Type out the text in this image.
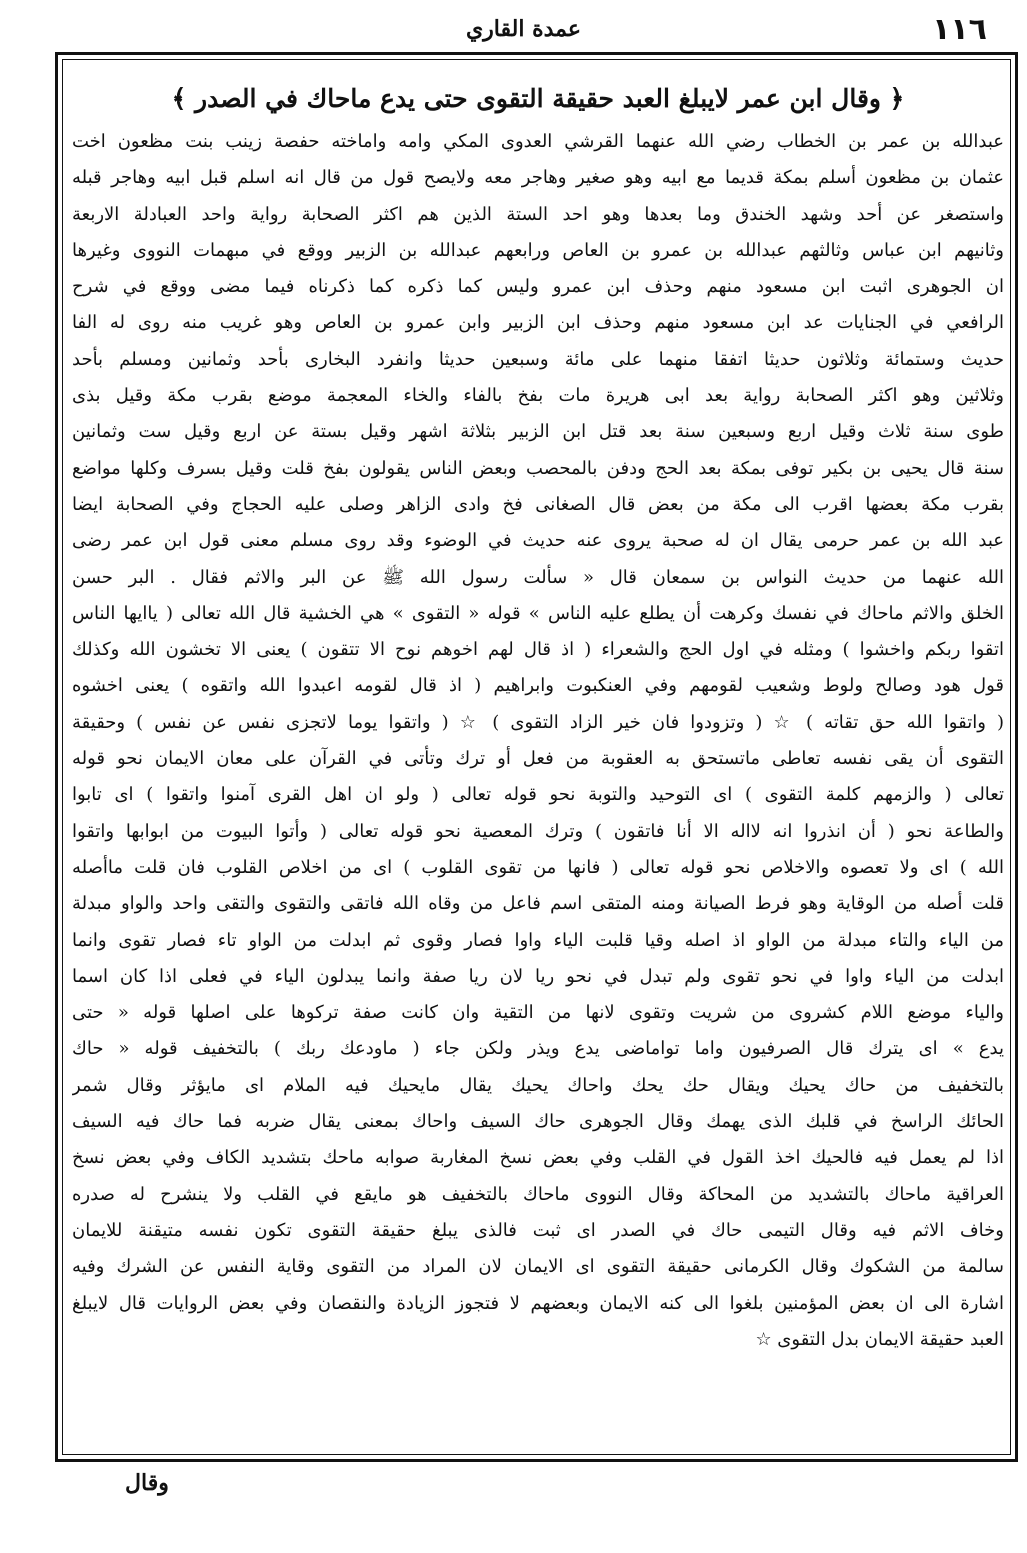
١١٦
عمدة القاري
﴿ وقال ابن عمر لايبلغ العبد حقيقة التقوى حتى يدع ماحاك في الصدر ﴾
عبدالله بن عمر بن الخطاب رضي الله عنهما القرشي العدوى المكي وامه واماخته حفصة زينب بنت مظعون اخت
عثمان بن مظعون أسلم بمكة قديما مع ابيه وهو صغير وهاجر معه ولايصح قول من قال انه اسلم قبل ابيه وهاجر قبله
واستصغر عن أحد وشهد الخندق وما بعدها وهو احد الستة الذين هم اكثر الصحابة رواية واحد العبادلة الاربعة
وثانيهم ابن عباس وثالثهم عبدالله بن عمرو بن العاص ورابعهم عبدالله بن الزبير ووقع في مبهمات النووى وغيرها
ان الجوهرى اثبت ابن مسعود منهم وحذف ابن عمرو وليس كما ذكره كما ذكرناه فيما مضى ووقع في شرح
الرافعي في الجنايات عد ابن مسعود منهم وحذف ابن الزبير وابن عمرو بن العاص وهو غريب منه روى له الفا
حديث وستمائة وثلاثون حديثا اتفقا منهما على مائة وسبعين حديثا وانفرد البخارى بأحد وثمانين ومسلم بأحد
وثلاثين وهو اكثر الصحابة رواية بعد ابى هريرة مات بفخ بالفاء والخاء المعجمة موضع بقرب مكة وقيل بذى
طوى سنة ثلاث وقيل اربع وسبعين سنة بعد قتل ابن الزبير بثلاثة اشهر وقيل بستة عن اربع وقيل ست وثمانين
سنة قال يحيى بن بكير توفى بمكة بعد الحج ودفن بالمحصب وبعض الناس يقولون بفخ قلت وقيل بسرف وكلها مواضع
بقرب مكة بعضها اقرب الى مكة من بعض قال الصغانى فخ وادى الزاهر وصلى عليه الحجاج وفي الصحابة ايضا
عبد الله بن عمر حرمى يقال ان له صحبة يروى عنه حديث في الوضوء وقد روى مسلم معنى قول ابن عمر رضى
الله عنهما من حديث النواس بن سمعان قال « سألت رسول الله ﷺ عن البر والاثم فقال . البر حسن
الخلق والاثم ماحاك في نفسك وكرهت أن يطلع عليه الناس » قوله « التقوى » هي الخشية قال الله تعالى ( ياايها الناس
اتقوا ربكم واخشوا ) ومثله في اول الحج والشعراء ( اذ قال لهم اخوهم نوح الا تتقون ) يعنى الا تخشون الله وكذلك
قول هود وصالح ولوط وشعيب لقومهم وفي العنكبوت وابراهيم ( اذ قال لقومه اعبدوا الله واتقوه ) يعنى اخشوه
( واتقوا الله حق تقاته ) ☆ ( وتزودوا فان خير الزاد التقوى ) ☆ ( واتقوا يوما لاتجزى نفس عن نفس ) وحقيقة
التقوى أن يقى نفسه تعاطى ماتستحق به العقوبة من فعل أو ترك وتأتى في القرآن على معان الايمان نحو قوله
تعالى ( والزمهم كلمة التقوى ) اى التوحيد والتوبة نحو قوله تعالى ( ولو ان اهل القرى آمنوا واتقوا ) اى تابوا
والطاعة نحو ( أن انذروا انه لااله الا أنا فاتقون ) وترك المعصية نحو قوله تعالى ( وأتوا البيوت من ابوابها واتقوا
الله ) اى ولا تعصوه والاخلاص نحو قوله تعالى ( فانها من تقوى القلوب ) اى من اخلاص القلوب فان قلت ماأصله
قلت أصله من الوقاية وهو فرط الصيانة ومنه المتقى اسم فاعل من وقاه الله فاتقى والتقوى والتقى واحد والواو مبدلة
من الياء والتاء مبدلة من الواو اذ اصله وقيا قلبت الياء واوا فصار وقوى ثم ابدلت من الواو تاء فصار تقوى وانما
ابدلت من الياء واوا في نحو تقوى ولم تبدل في نحو ريا لان ريا صفة وانما يبدلون الياء في فعلى اذا كان اسما
والياء موضع اللام كشروى من شريت وتقوى لانها من التقية وان كانت صفة تركوها على اصلها قوله « حتى
يدع » اى يترك قال الصرفيون واما تواماضى يدع ويذر ولكن جاء ( ماودعك ربك ) بالتخفيف قوله « حاك
بالتخفيف من حاك يحيك ويقال حك يحك واحاك يحيك يقال مايحيك فيه الملام اى مايؤثر وقال شمر
الحائك الراسخ في قلبك الذى يهمك وقال الجوهرى حاك السيف واحاك بمعنى يقال ضربه فما حاك فيه السيف
اذا لم يعمل فيه فالحيك اخذ القول في القلب وفي بعض نسخ المغاربة صوابه ماحك بتشديد الكاف وفي بعض نسخ
العراقية ماحاك بالتشديد من المحاكة وقال النووى ماحاك بالتخفيف هو مايقع في القلب ولا ينشرح له صدره
وخاف الاثم فيه وقال التيمى حاك في الصدر اى ثبت فالذى يبلغ حقيقة التقوى تكون نفسه متيقنة للايمان
سالمة من الشكوك وقال الكرمانى حقيقة التقوى اى الايمان لان المراد من التقوى وقاية النفس عن الشرك وفيه
اشارة الى ان بعض المؤمنين بلغوا الى كنه الايمان وبعضهم لا فتجوز الزيادة والنقصان وفي بعض الروايات قال لايبلغ
العبد حقيقة الايمان بدل التقوى ☆
وقال
